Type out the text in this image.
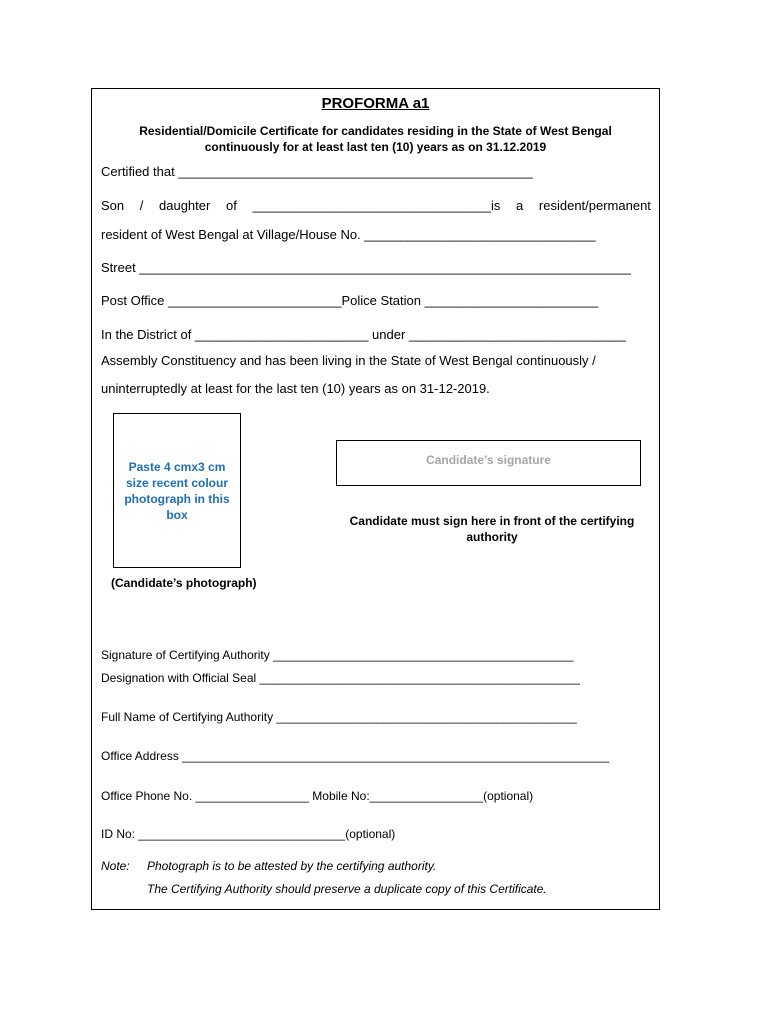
PROFORMA a1
Residential/Domicile Certificate for candidates residing in the State of West Bengal
continuously for at least last ten (10) years as on 31.12.2019
Certified that _________________________________________________
Son / daughter of _________________________________is a resident/permanent
resident of West Bengal at Village/House No. ________________________________
Street ____________________________________________________________________
Post Office ________________________Police Station ________________________
In the District of ________________________ under ______________________________
Assembly Constituency and has been living in the State of West Bengal continuously /
uninterruptedly at least for the last ten (10) years as on 31-12-2019.
Paste 4 cmx3 cm size recent colour photograph in this box
(Candidate’s photograph)
Candidate’s signature
Candidate must sign here in front of the certifying authority
Signature of Certifying Authority _____________________________________________
Designation with Official Seal ________________________________________________
Full Name of Certifying Authority _____________________________________________
Office Address ________________________________________________________________
Office Phone No. _________________ Mobile No:_________________(optional)
ID No: _______________________________(optional)
Note: Photograph is to be attested by the certifying authority.
The Certifying Authority should preserve a duplicate copy of this Certificate.
